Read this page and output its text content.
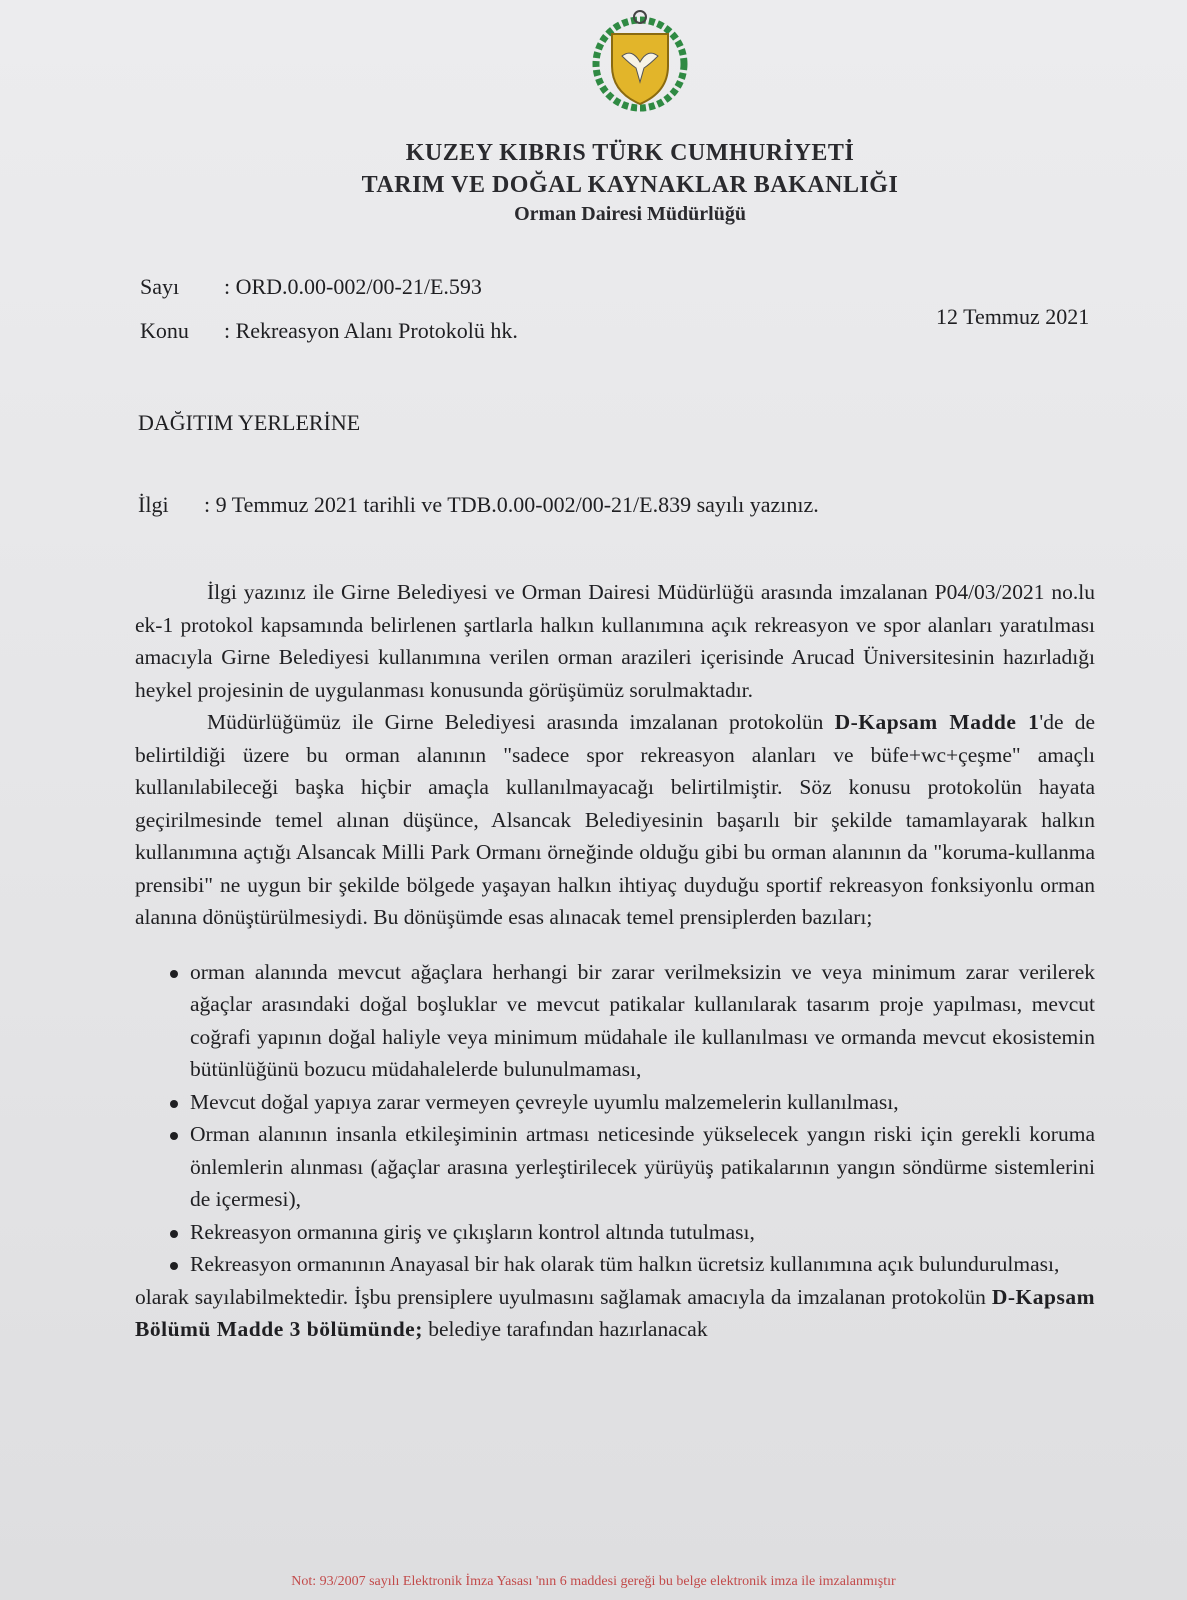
KUZEY KIBRIS TÜRK CUMHURİYETİ
TARIM VE DOĞAL KAYNAKLAR BAKANLIĞI
Orman Dairesi Müdürlüğü
Sayı : ORD.0.00-002/00-21/E.593
Konu : Rekreasyon Alanı Protokolü hk.
12 Temmuz 2021
DAĞITIM YERLERİNE
İlgi : 9 Temmuz 2021 tarihli ve TDB.0.00-002/00-21/E.839 sayılı yazınız.

İlgi yazınız ile Girne Belediyesi ve Orman Dairesi Müdürlüğü arasında imzalanan P04/03/2021 no.lu ek-1 protokol kapsamında belirlenen şartlarla halkın kullanımına açık rekreasyon ve spor alanları yaratılması amacıyla Girne Belediyesi kullanımına verilen orman arazileri içerisinde Arucad Üniversitesinin hazırladığı heykel projesinin de uygulanması konusunda görüşümüz sorulmaktadır.

Müdürlüğümüz ile Girne Belediyesi arasında imzalanan protokolün D-Kapsam Madde 1'de de belirtildiği üzere bu orman alanının "sadece spor rekreasyon alanları ve büfe+wc+çeşme" amaçlı kullanılabileceği başka hiçbir amaçla kullanılmayacağı belirtilmiştir. Söz konusu protokolün hayata geçirilmesinde temel alınan düşünce, Alsancak Belediyesinin başarılı bir şekilde tamamlayarak halkın kullanımına açtığı Alsancak Milli Park Ormanı örneğinde olduğu gibi bu orman alanının da "koruma-kullanma prensibi" ne uygun bir şekilde bölgede yaşayan halkın ihtiyaç duyduğu sportif rekreasyon fonksiyonlu orman alanına dönüştürülmesiydi. Bu dönüşümde esas alınacak temel prensiplerden bazıları;

orman alanında mevcut ağaçlara herhangi bir zarar verilmeksizin ve veya minimum zarar verilerek ağaçlar arasındaki doğal boşluklar ve mevcut patikalar kullanılarak tasarım proje yapılması, mevcut coğrafi yapının doğal haliyle veya minimum müdahale ile kullanılması ve ormanda mevcut ekosistemin bütünlüğünü bozucu müdahalelerde bulunulmaması,
Mevcut doğal yapıya zarar vermeyen çevreyle uyumlu malzemelerin kullanılması,
Orman alanının insanla etkileşiminin artması neticesinde yükselecek yangın riski için gerekli koruma önlemlerin alınması (ağaçlar arasına yerleştirilecek yürüyüş patikalarının yangın söndürme sistemlerini de içermesi),
Rekreasyon ormanına giriş ve çıkışların kontrol altında tutulması,
Rekreasyon ormanının Anayasal bir hak olarak tüm halkın ücretsiz kullanımına açık bulundurulması,

olarak sayılabilmektedir. İşbu prensiplere uyulmasını sağlamak amacıyla da imzalanan protokolün D-Kapsam Bölümü Madde 3 bölümünde; belediye tarafından hazırlanacak

Not: 93/2007 sayılı Elektronik İmza Yasası 'nın 6 maddesi gereği bu belge elektronik imza ile imzalanmıştır
